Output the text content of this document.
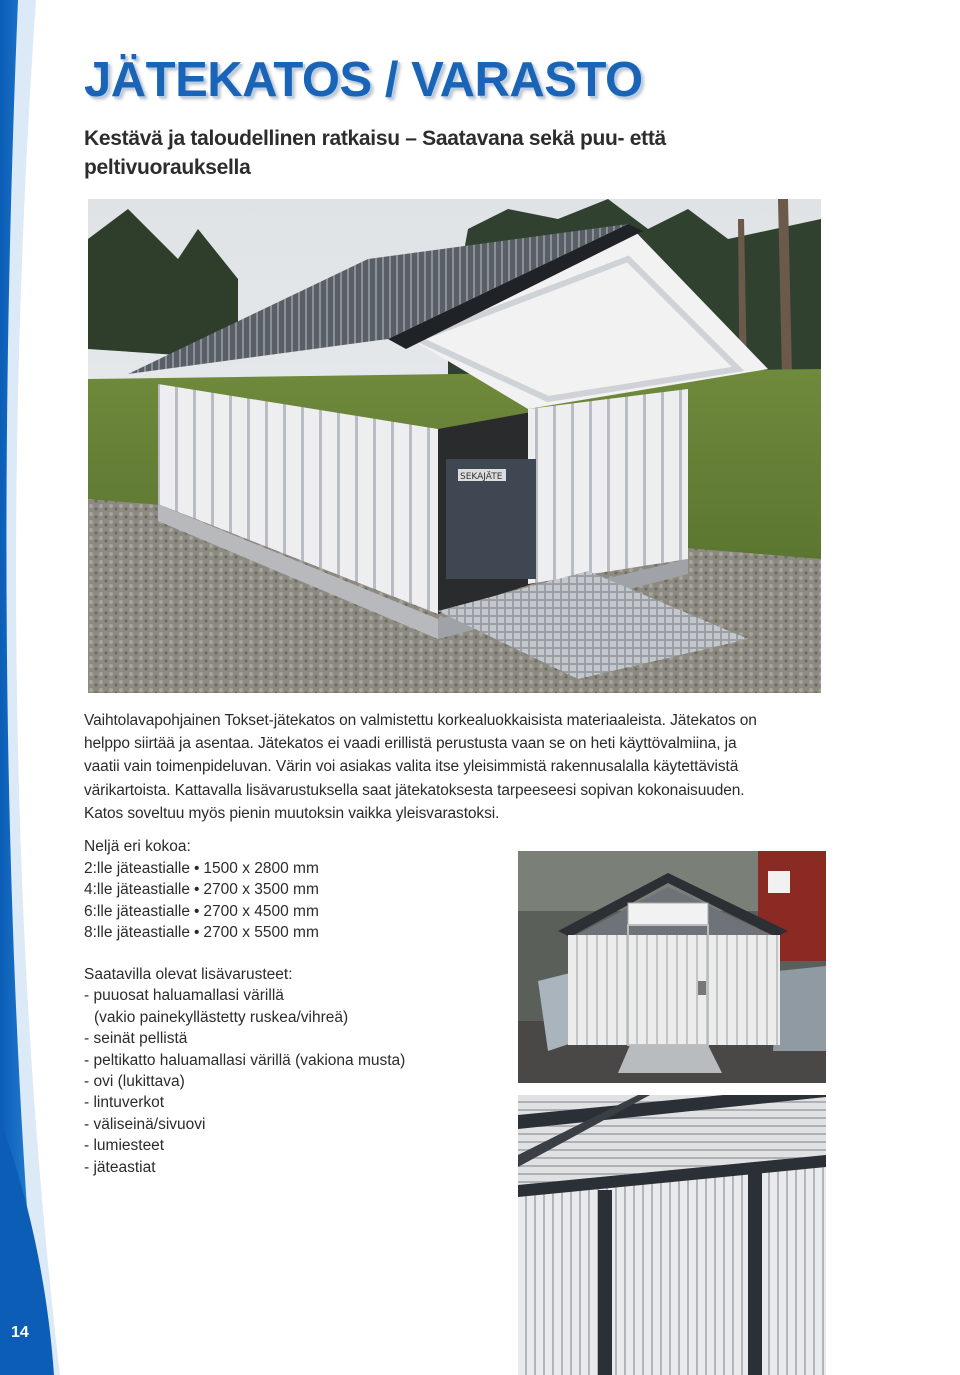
JÄTEKATOS / VARASTO

Kestävä ja taloudellinen ratkaisu – Saatavana sekä puu- että peltivuorauksella

SEKAJÄTE

Vaihtolavapohjainen Tokset-jätekatos on valmistettu korkealuokkaisista materiaaleista. Jätekatos on
helppo siirtää ja asentaa. Jätekatos ei vaadi erillistä perustusta vaan se on heti käyttövalmiina, ja
vaatii vain toimenpideluvan. Värin voi asiakas valita itse yleisimmistä rakennusalalla käytettävistä
värikartoista. Kattavalla lisävarustuksella saat jätekatoksesta tarpeeseesi sopivan kokonaisuuden.
Katos soveltuu myös pienin muutoksin vaikka yleisvarastoksi.

Neljä eri kokoa:
2:lle jäteastialle • 1500 x 2800 mm
4:lle jäteastialle • 2700 x 3500 mm
6:lle jäteastialle • 2700 x 4500 mm
8:lle jäteastialle • 2700 x 5500 mm
Saatavilla olevat lisävarusteet:
- puuosat haluamallasi värillä
(vakio painekyllästetty ruskea/vihreä)
- seinät pellistä
- peltikatto haluamallasi värillä (vakiona musta)
- ovi (lukittava)
- lintuverkot
- väliseinä/sivuovi
- lumiesteet
- jäteastiat
14
